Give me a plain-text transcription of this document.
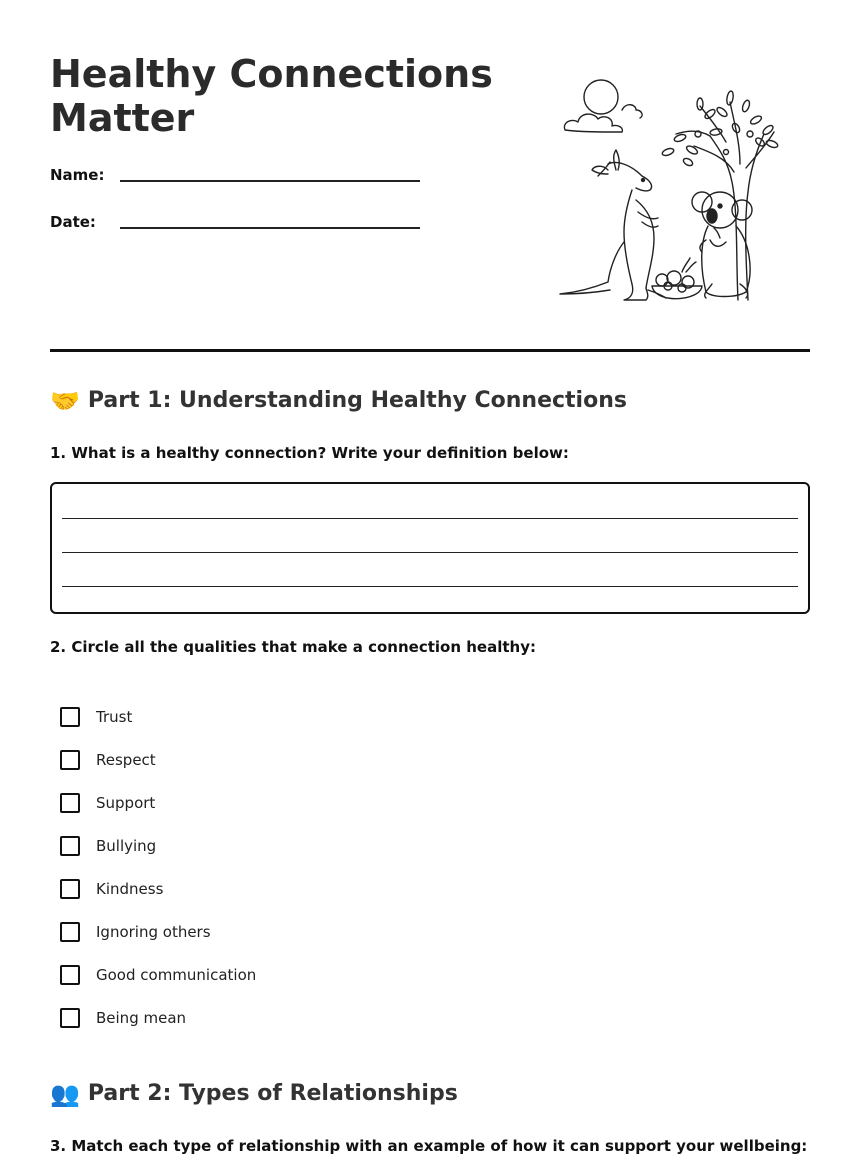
Healthy Connections Matter
Name:
Date:
🤝 Part 1: Understanding Healthy Connections
1. What is a healthy connection? Write your definition below:
2. Circle all the qualities that make a connection healthy:
Trust
Respect
Support
Bullying
Kindness
Ignoring others
Good communication
Being mean
👥 Part 2: Types of Relationships
3. Match each type of relationship with an example of how it can support your wellbeing:
